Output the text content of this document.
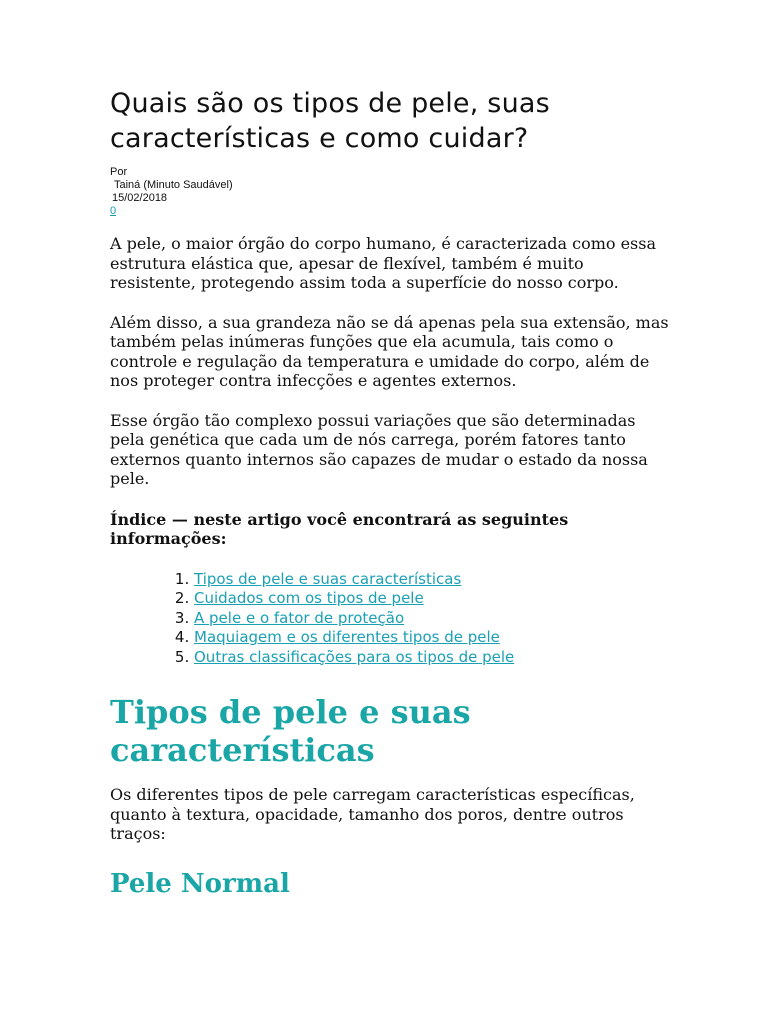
Quais são os tipos de pele, suas características e como cuidar?
Por
Tainá (Minuto Saudável)
15/02/2018
0

A pele, o maior órgão do corpo humano, é caracterizada como essa estrutura elástica que, apesar de flexível, também é muito resistente, protegendo assim toda a superfície do nosso corpo.

Além disso, a sua grandeza não se dá apenas pela sua extensão, mas também pelas inúmeras funções que ela acumula, tais como o controle e regulação da temperatura e umidade do corpo, além de nos proteger contra infecções e agentes externos.

Esse órgão tão complexo possui variações que são determinadas pela genética que cada um de nós carrega, porém fatores tanto externos quanto internos são capazes de mudar o estado da nossa pele.

Índice — neste artigo você encontrará as seguintes informações:
1. Tipos de pele e suas características
2. Cuidados com os tipos de pele
3. A pele e o fator de proteção
4. Maquiagem e os diferentes tipos de pele
5. Outras classificações para os tipos de pele
Tipos de pele e suas características

Os diferentes tipos de pele carregam características específicas, quanto à textura, opacidade, tamanho dos poros, dentre outros traços:

Pele Normal
